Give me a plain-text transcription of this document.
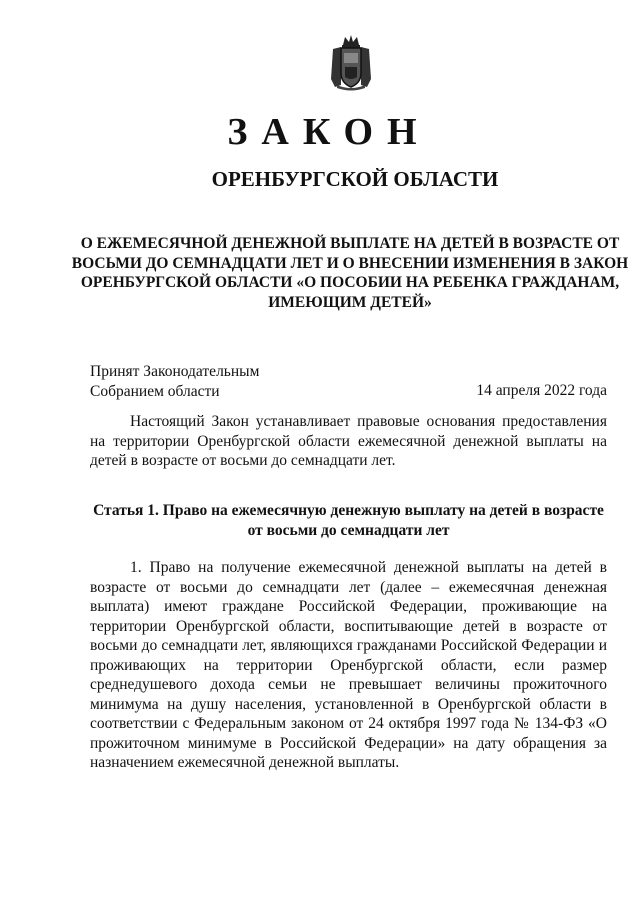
ЗАКОН
ОРЕНБУРГСКОЙ ОБЛАСТИ
О ЕЖЕМЕСЯЧНОЙ ДЕНЕЖНОЙ ВЫПЛАТЕ НА ДЕТЕЙ В ВОЗРАСТЕ ОТ ВОСЬМИ ДО СЕМНАДЦАТИ ЛЕТ И О ВНЕСЕНИИ ИЗМЕНЕНИЯ В ЗАКОН ОРЕНБУРГСКОЙ ОБЛАСТИ «О ПОСОБИИ НА РЕБЕНКА ГРАЖДАНАМ, ИМЕЮЩИМ ДЕТЕЙ»
Принят Законодательным
Собранием области	14 апреля 2022 года
Настоящий Закон устанавливает правовые основания предоставления на территории Оренбургской области ежемесячной денежной выплаты на детей в возрасте от восьми до семнадцати лет.
Статья 1. Право на ежемесячную денежную выплату на детей в возрасте от восьми до семнадцати лет
1. Право на получение ежемесячной денежной выплаты на детей в возрасте от восьми до семнадцати лет (далее – ежемесячная денежная выплата) имеют граждане Российской Федерации, проживающие на территории Оренбургской области, воспитывающие детей в возрасте от восьми до семнадцати лет, являющихся гражданами Российской Федерации и проживающих на территории Оренбургской области, если размер среднедушевого дохода семьи не превышает величины прожиточного минимума на душу населения, установленной в Оренбургской области в соответствии с Федеральным законом от 24 октября 1997 года № 134-ФЗ «О прожиточном минимуме в Российской Федерации» на дату обращения за назначением ежемесячной денежной выплаты.
